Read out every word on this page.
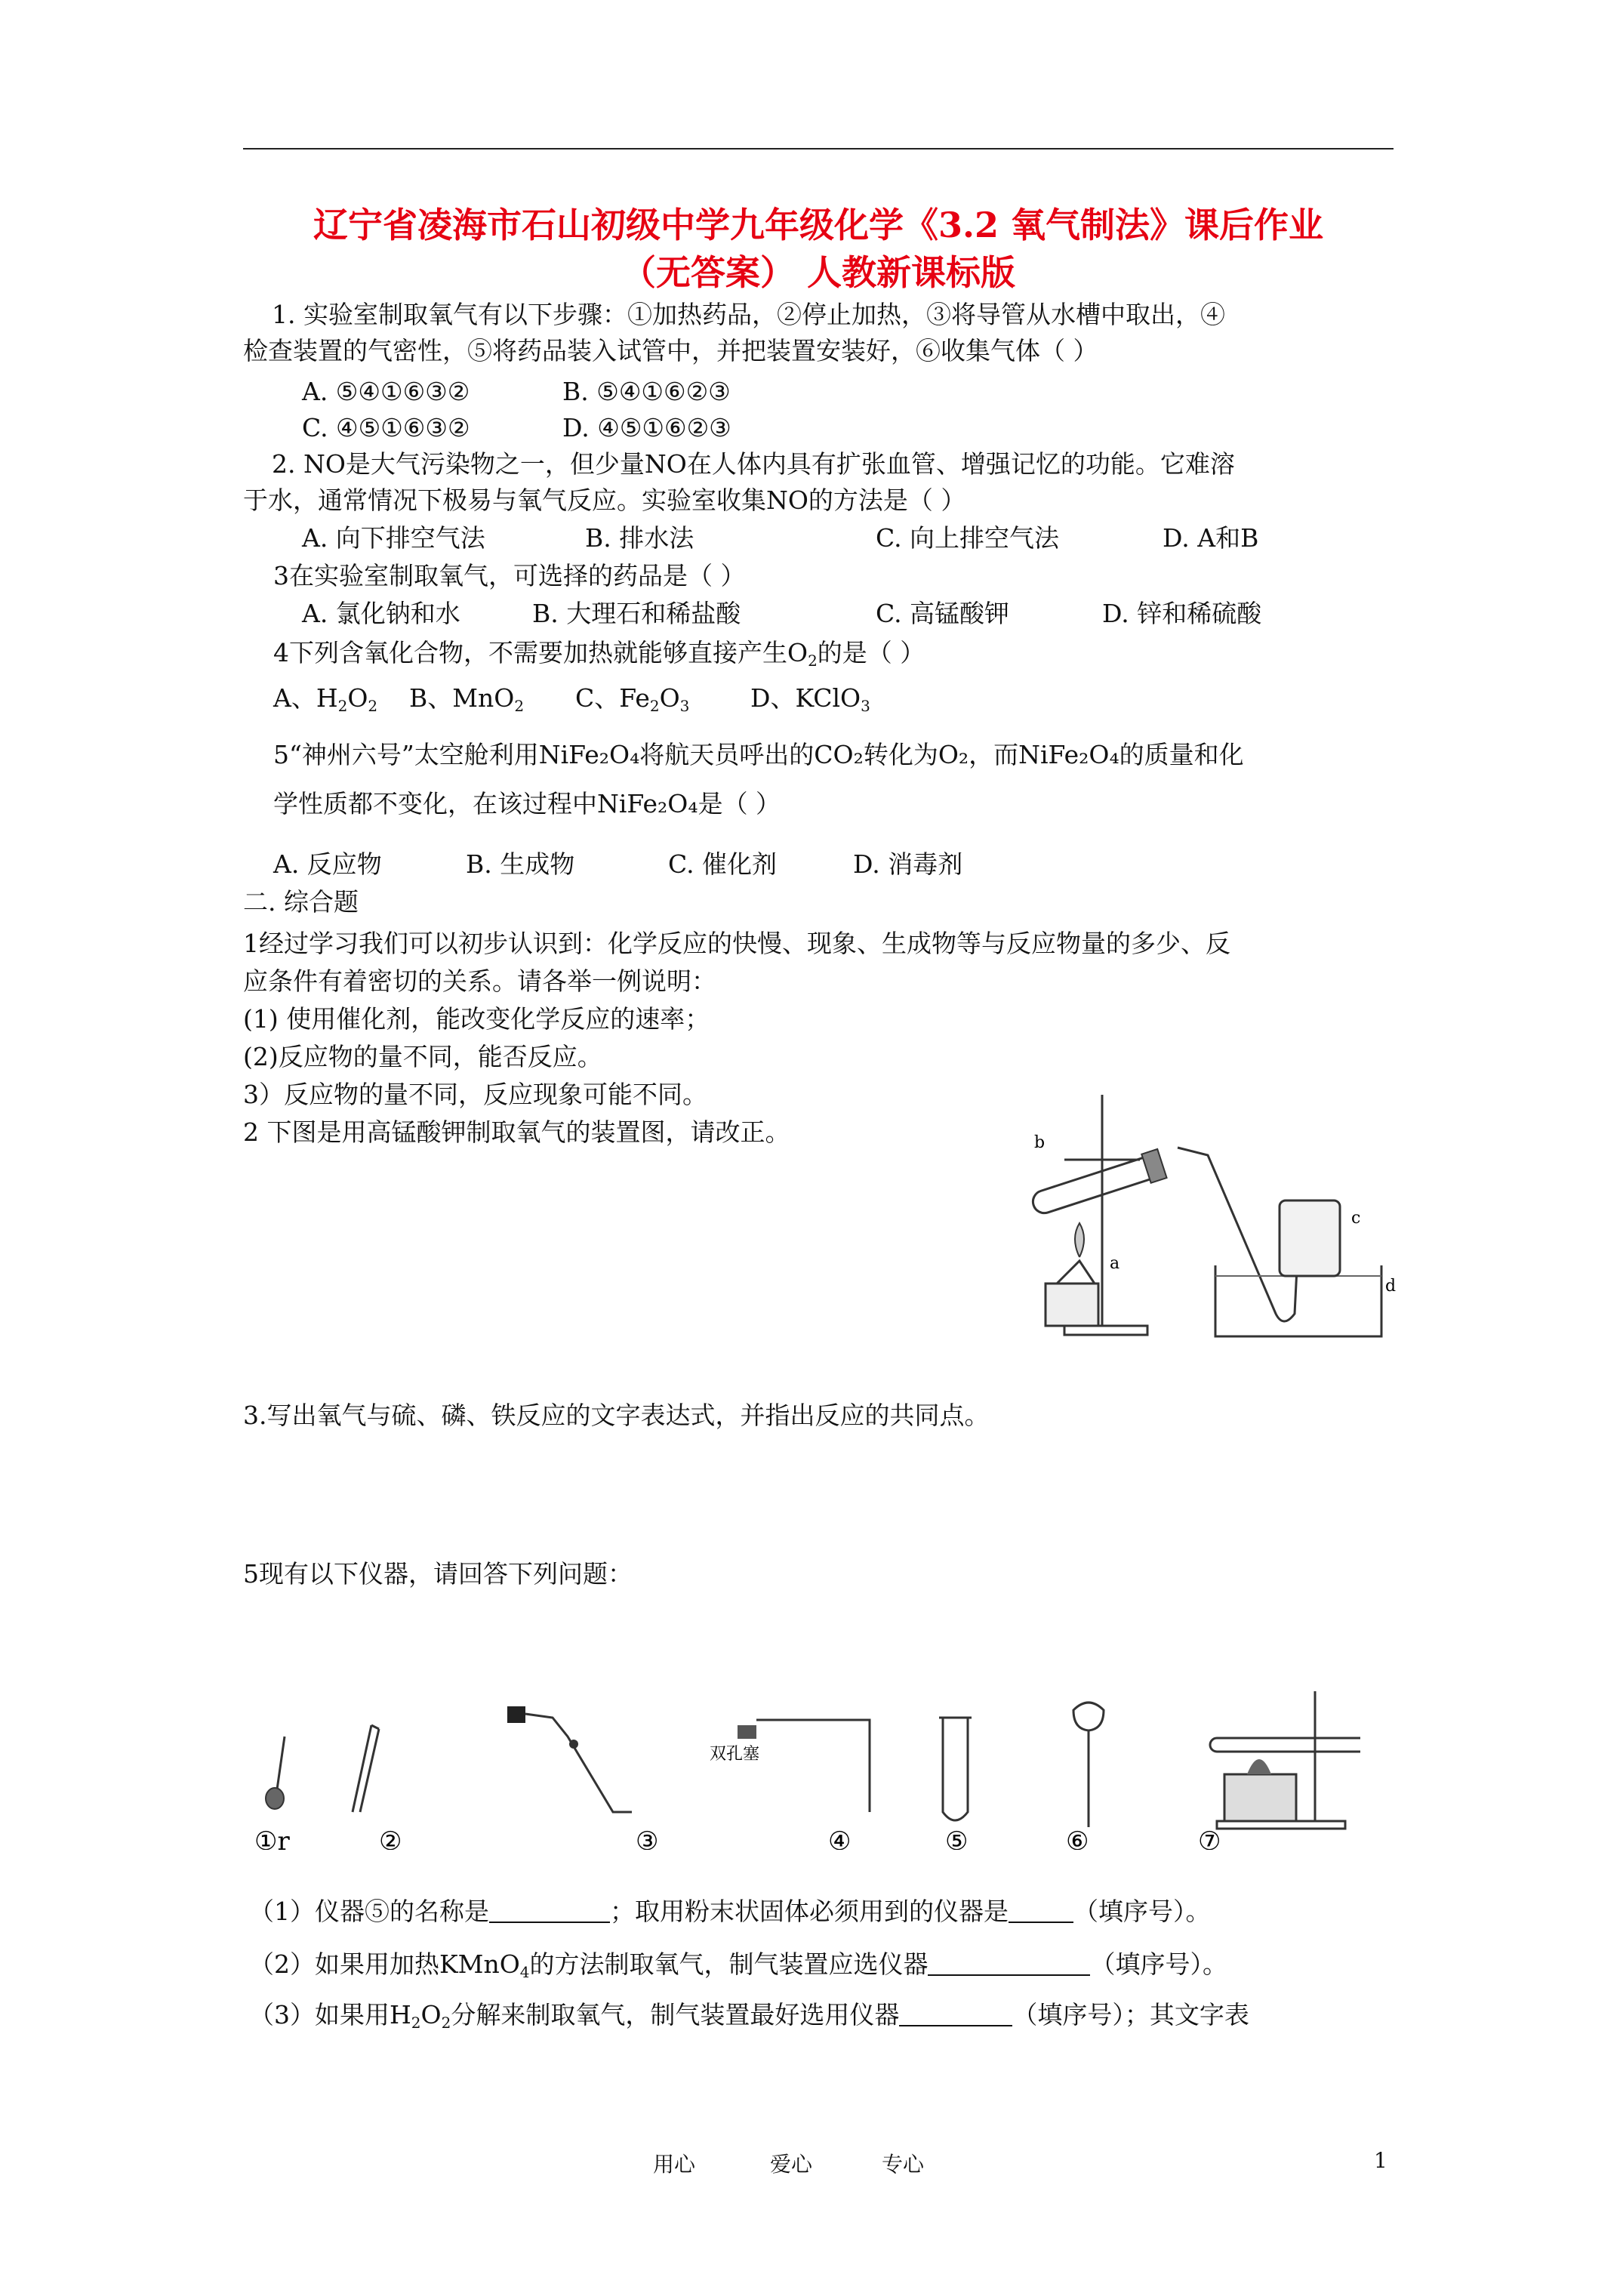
辽宁省凌海市石山初级中学九年级化学《3.2 氧气制法》课后作业
（无答案） 人教新课标版
1. 实验室制取氧气有以下步骤：①加热药品，②停止加热，③将导管从水槽中取出，④
检查装置的气密性，⑤将药品装入试管中，并把装置安装好，⑥收集气体（ ）
A. ⑤④①⑥③②	B. ⑤④①⑥②③
C. ④⑤①⑥③②	D. ④⑤①⑥②③
2. NO是大气污染物之一，但少量NO在人体内具有扩张血管、增强记忆的功能。它难溶
于水，通常情况下极易与氧气反应。实验室收集NO的方法是（ ）
A. 向下排空气法	B. 排水法	C. 向上排空气法	D. A和B
3在实验室制取氧气，可选择的药品是（ ）
A. 氯化钠和水	B. 大理石和稀盐酸	C. 高锰酸钾	D. 锌和稀硫酸
4下列含氧化合物，不需要加热就能够直接产生$O_2$的是（ ）
A、$H_2O_2$ B、MnO$_2$ C、$Fe_2O_3$ D、KClO$_3$
5“神州六号”太空舱利用NiFe₂O₄将航天员呼出的CO₂转化为O₂，而NiFe₂O₄的质量和化
学性质都不变化，在该过程中NiFe₂O₄是（ ）
A. 反应物	B. 生成物	C. 催化剂	D. 消毒剂
二. 综合题
1经过学习我们可以初步认识到：化学反应的快慢、现象、生成物等与反应物量的多少、反
应条件有着密切的关系。请各举一例说明：
(1) 使用催化剂，能改变化学反应的速率；
(2)反应物的量不同，能否反应。
3）反应物的量不同，反应现象可能不同。
2 下图是用高锰酸钾制取氧气的装置图，请改正。	b
a
c
d
3.写出氧气与硫、磷、铁反应的文字表达式，并指出反应的共同点。
5现有以下仪器，请回答下列问题：
双孔塞
①r	②	③	④	⑤	⑥	⑦
（1）仪器⑤的名称是	；取用粉末状固体必须用到的仪器是	（填序号）。
（2）如果用加热KMnO$_4$的方法制取氧气，制气装置应选仪器	（填序号）。
（3）如果用$H_2O_2$分解来制取氧气，制气装置最好选用仪器	（填序号）；其文字表
用心	爱心	专心	1
